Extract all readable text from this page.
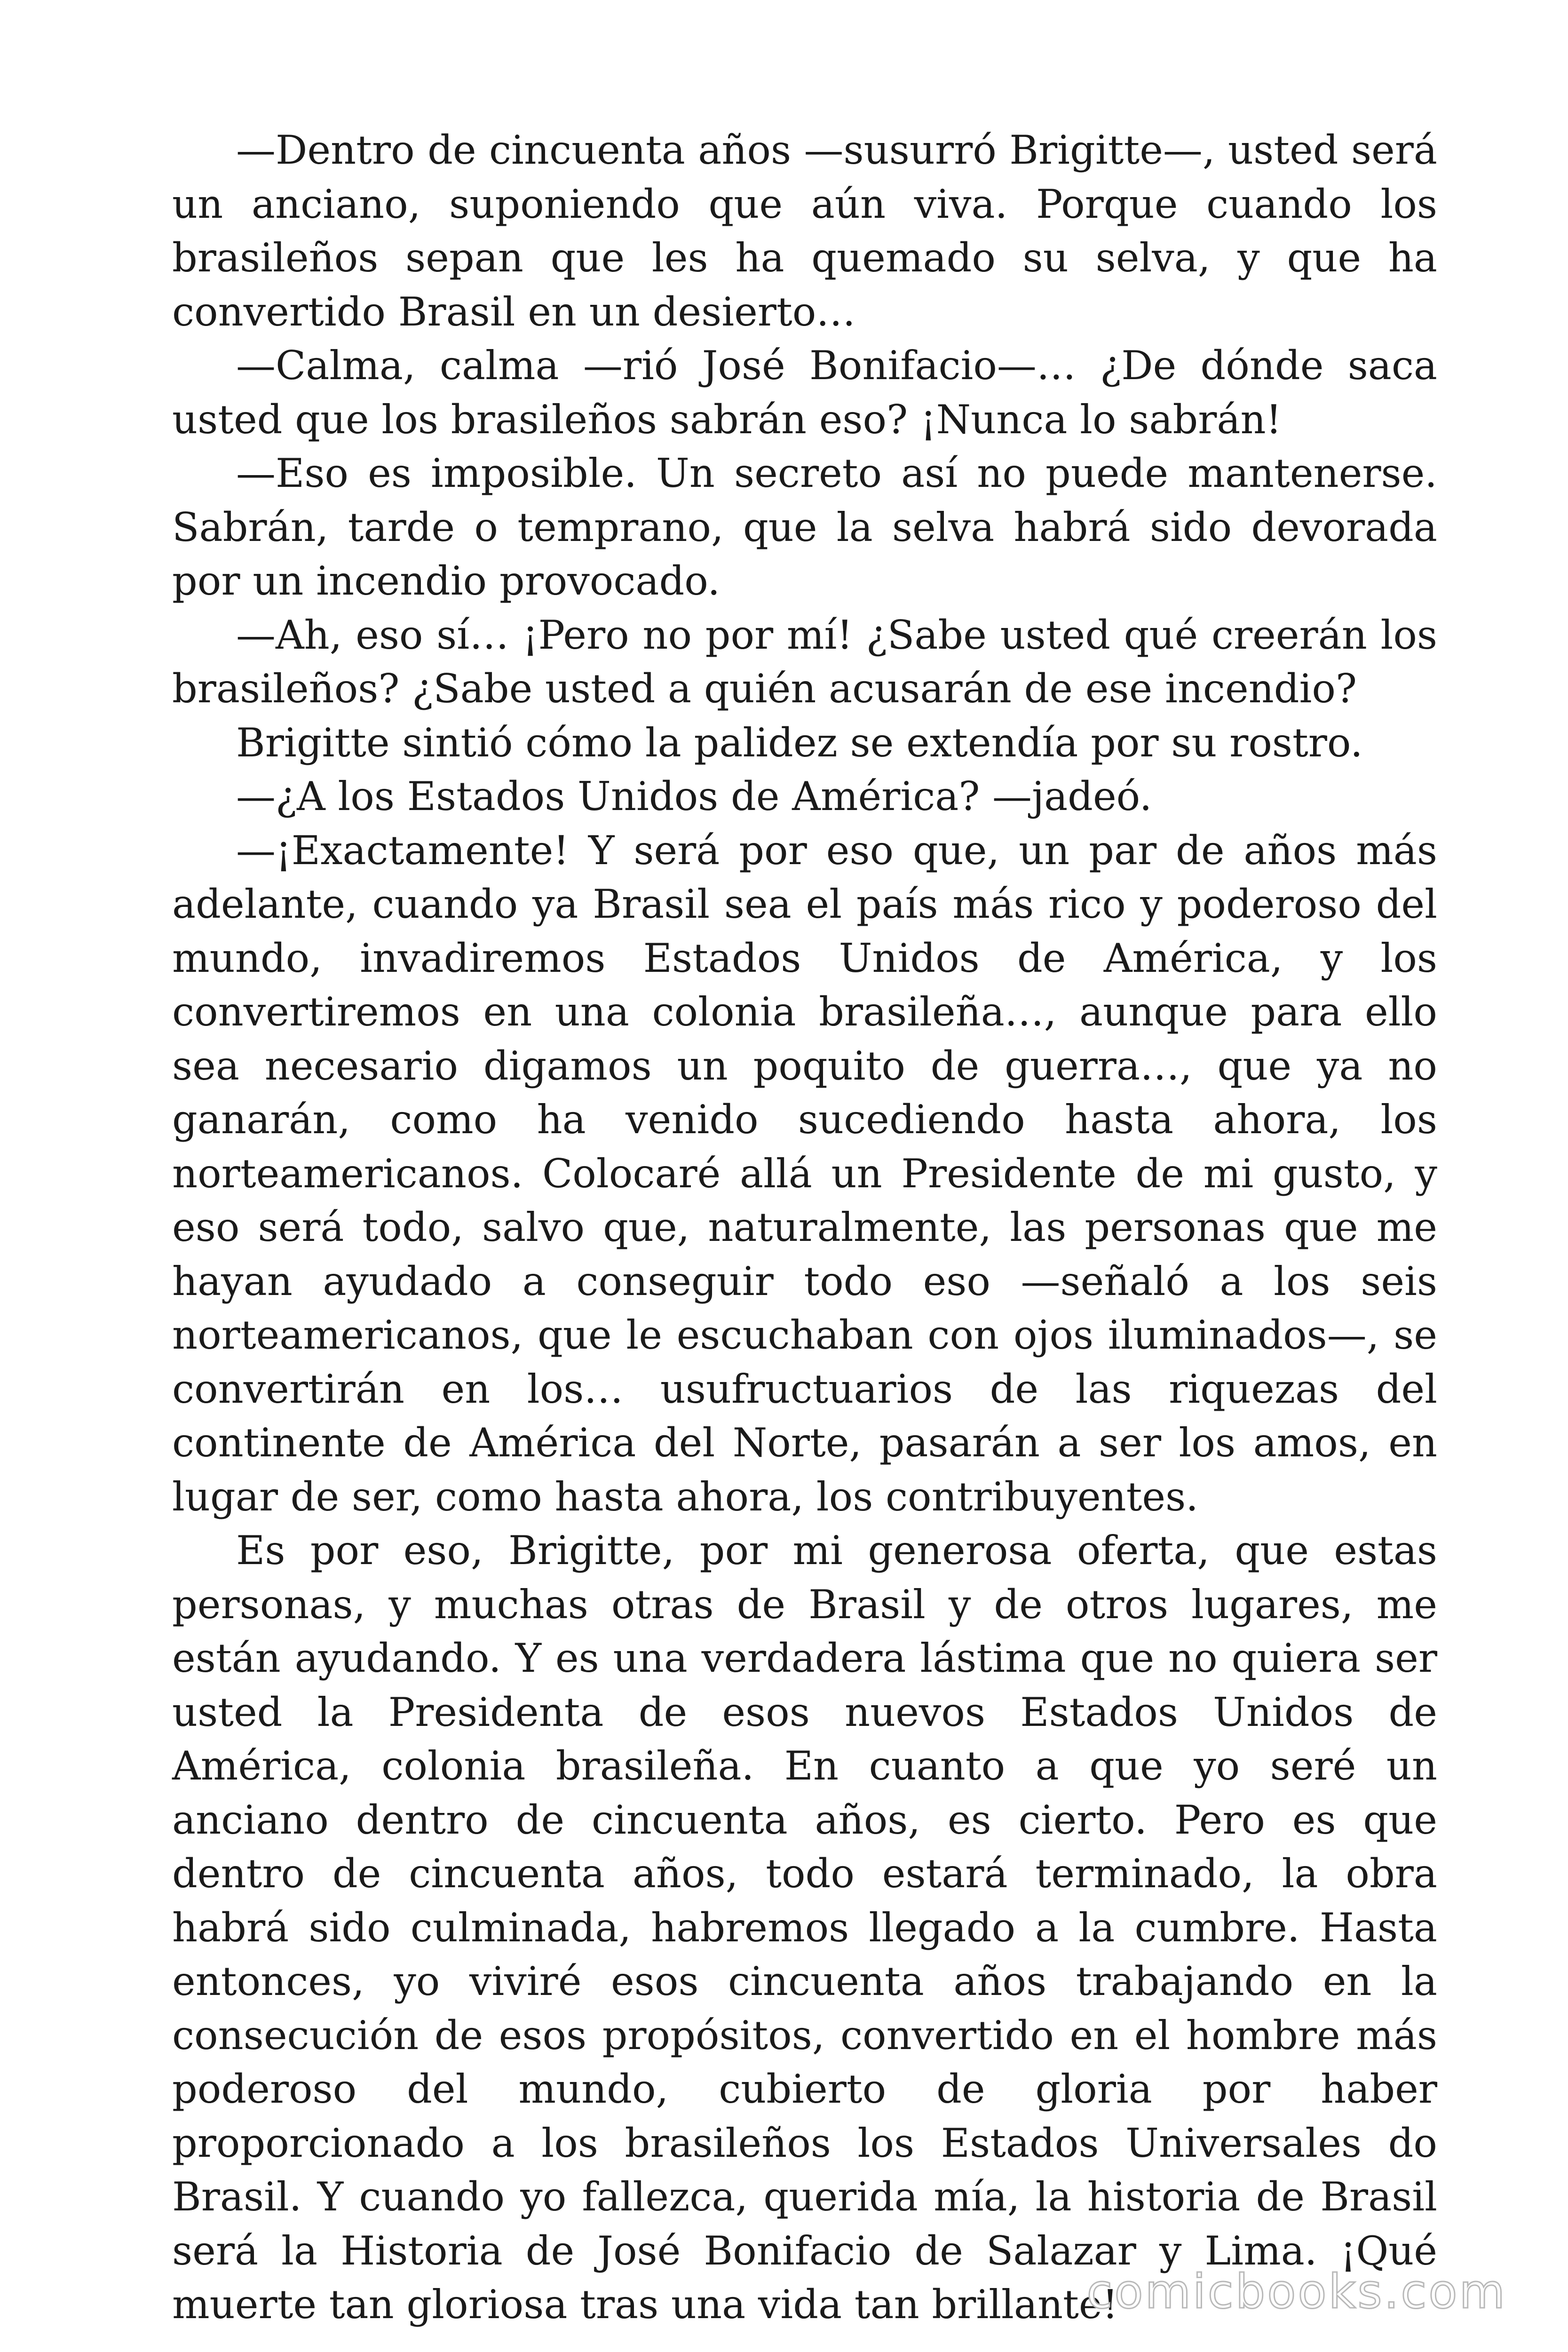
—Dentro de cincuenta años —susurró Brigitte—, usted será un anciano, suponiendo que aún viva. Porque cuando los brasileños sepan que les ha quemado su selva, y que ha convertido Brasil en un desierto…

—Calma, calma —rió José Bonifacio—… ¿De dónde saca usted que los brasileños sabrán eso? ¡Nunca lo sabrán!

—Eso es imposible. Un secreto así no puede mantenerse. Sabrán, tarde o temprano, que la selva habrá sido devorada por un incendio provocado.

—Ah, eso sí… ¡Pero no por mí! ¿Sabe usted qué creerán los brasileños? ¿Sabe usted a quién acusarán de ese incendio?

Brigitte sintió cómo la palidez se extendía por su rostro.

—¿A los Estados Unidos de América? —jadeó.

—¡Exactamente! Y será por eso que, un par de años más adelante, cuando ya Brasil sea el país más rico y poderoso del mundo, invadiremos Estados Unidos de América, y los convertiremos en una colonia brasileña…, aunque para ello sea necesario digamos un poquito de guerra…, que ya no ganarán, como ha venido sucediendo hasta ahora, los norteamericanos. Colocaré allá un Presidente de mi gusto, y eso será todo, salvo que, naturalmente, las personas que me hayan ayudado a conseguir todo eso —señaló a los seis norteamericanos, que le escuchaban con ojos iluminados—, se convertirán en los… usufructuarios de las riquezas del continente de América del Norte, pasarán a ser los amos, en lugar de ser, como hasta ahora, los contribuyentes.

Es por eso, Brigitte, por mi generosa oferta, que estas personas, y muchas otras de Brasil y de otros lugares, me están ayudando. Y es una verdadera lástima que no quiera ser usted la Presidenta de esos nuevos Estados Unidos de América, colonia brasileña. En cuanto a que yo seré un anciano dentro de cincuenta años, es cierto. Pero es que dentro de cincuenta años, todo estará terminado, la obra habrá sido culminada, habremos llegado a la cumbre. Hasta entonces, yo viviré esos cincuenta años trabajando en la consecución de esos propósitos, convertido en el hombre más poderoso del mundo, cubierto de gloria por haber proporcionado a los brasileños los Estados Universales do Brasil. Y cuando yo fallezca, querida mía, la historia de Brasil será la Historia de José Bonifacio de Salazar y Lima. ¡Qué muerte tan gloriosa tras una vida tan brillante!

comicbooks.com
